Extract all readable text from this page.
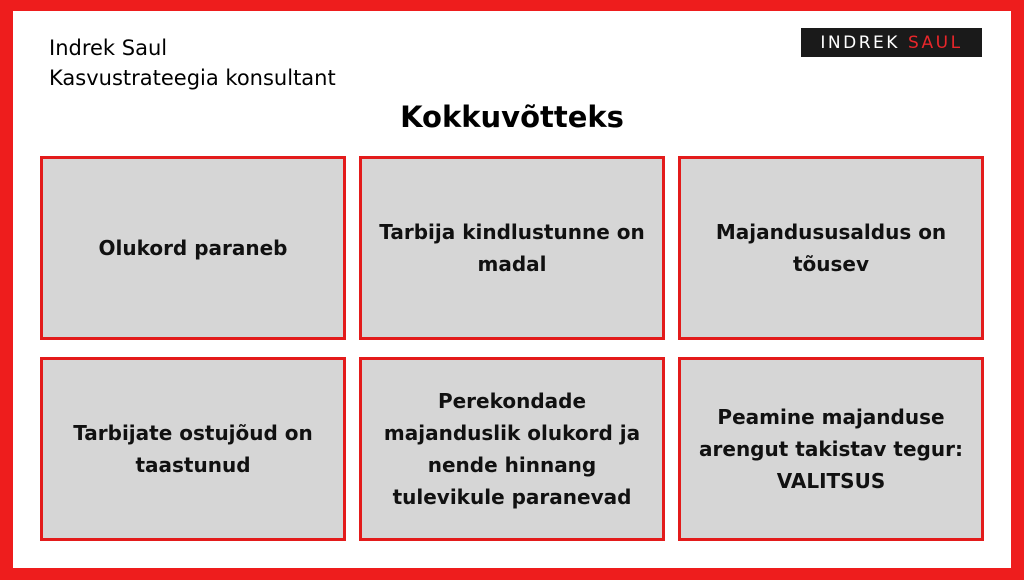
Indrek Saul
Kasvustrateegia konsultant
INDREK SAUL
Kokkuvõtteks
Olukord paraneb
Tarbija kindlustunne on madal
Majandususaldus on tõusev
Tarbijate ostujõud on taastunud
Perekondade majanduslik olukord ja nende hinnang tulevikule paranevad
Peamine majanduse arengut takistav tegur: VALITSUS
